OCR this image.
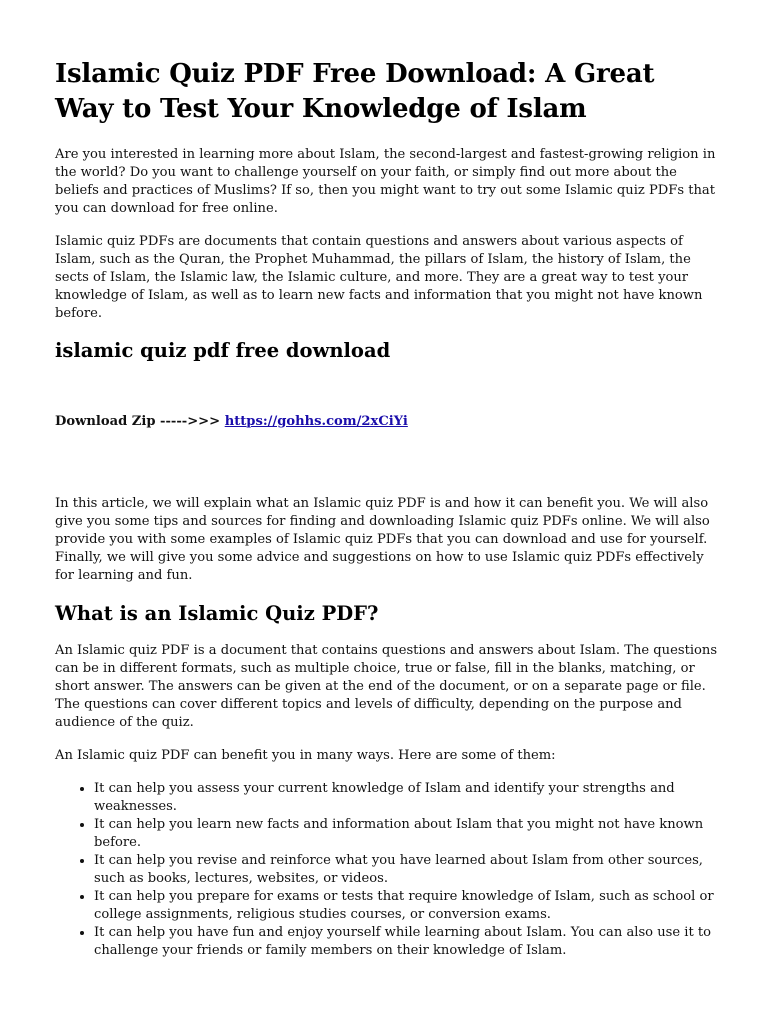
Islamic Quiz PDF Free Download: A Great Way to Test Your Knowledge of Islam

Are you interested in learning more about Islam, the second-largest and fastest-growing religion in the world? Do you want to challenge yourself on your faith, or simply find out more about the beliefs and practices of Muslims? If so, then you might want to try out some Islamic quiz PDFs that you can download for free online.

Islamic quiz PDFs are documents that contain questions and answers about various aspects of Islam, such as the Quran, the Prophet Muhammad, the pillars of Islam, the history of Islam, the sects of Islam, the Islamic law, the Islamic culture, and more. They are a great way to test your knowledge of Islam, as well as to learn new facts and information that you might not have known before.

islamic quiz pdf free download
Download Zip ----->>> https://gohhs.com/2xCiYi

In this article, we will explain what an Islamic quiz PDF is and how it can benefit you. We will also give you some tips and sources for finding and downloading Islamic quiz PDFs online. We will also provide you with some examples of Islamic quiz PDFs that you can download and use for yourself. Finally, we will give you some advice and suggestions on how to use Islamic quiz PDFs effectively for learning and fun.

What is an Islamic Quiz PDF?

An Islamic quiz PDF is a document that contains questions and answers about Islam. The questions can be in different formats, such as multiple choice, true or false, fill in the blanks, matching, or short answer. The answers can be given at the end of the document, or on a separate page or file. The questions can cover different topics and levels of difficulty, depending on the purpose and audience of the quiz.

An Islamic quiz PDF can benefit you in many ways. Here are some of them:

• It can help you assess your current knowledge of Islam and identify your strengths and weaknesses.
• It can help you learn new facts and information about Islam that you might not have known before.
• It can help you revise and reinforce what you have learned about Islam from other sources, such as books, lectures, websites, or videos.
• It can help you prepare for exams or tests that require knowledge of Islam, such as school or college assignments, religious studies courses, or conversion exams.
• It can help you have fun and enjoy yourself while learning about Islam. You can also use it to challenge your friends or family members on their knowledge of Islam.
